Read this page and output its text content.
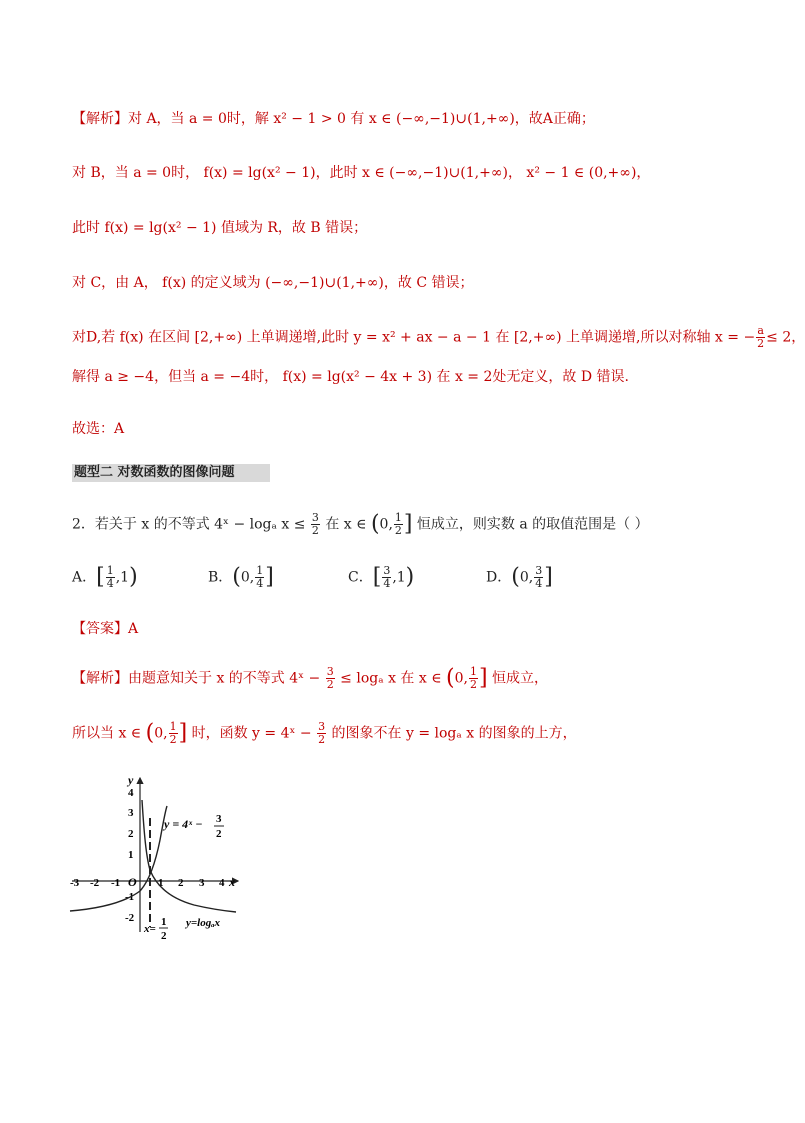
【解析】对 A，当 a = 0时，解 x² − 1 > 0 有 x ∈ (−∞,−1)∪(1,+∞)，故A正确；
对 B，当 a = 0时， f(x) = lg(x² − 1)，此时 x ∈ (−∞,−1)∪(1,+∞)， x² − 1 ∈ (0,+∞)，
此时 f(x) = lg(x² − 1) 值域为 R，故 B 错误；
对 C，由 A， f(x) 的定义域为 (−∞,−1)∪(1,+∞)，故 C 错误；
对D,若 f(x) 在区间 [2,+∞) 上单调递增,此时 y = x² + ax − a − 1 在 [2,+∞) 上单调递增,所以对称轴 x = − $\frac{a}{2} \le 2$，
解得 a ≥ −4，但当 a = −4时， f(x) = lg(x² − 4x + 3) 在 x = 2处无定义，故 D 错误.
故选：A
题型二 对数函数的图像问题
2．若关于 x 的不等式 4ˣ − logₐ $x \le \frac{3}{2}$ 在 x ∈ (0, $\frac{1}{2}$ ] 恒成立，则实数 a 的取值范围是（ ）
A．[ $\frac{1}{4} ,1$)	B．(0, $\frac{1}{4}$ ]	C．[ $\frac{3}{4} ,1$)	D．(0, $\frac{3}{4}$ ]
【答案】A
【解析】由题意知关于 x 的不等式 4ˣ − $\frac{3}{2} \le \log_a$ x 在 x ∈ (0, $\frac{1}{2}$ ] 恒成立，
所以当 x ∈ (0, $\frac{1}{2}$ ] 时，函数 y = 4ˣ − $\frac{3}{2}$ 的图象不在 y = logₐ x 的图象的上方，
y
x
O
-3 -2 -1	1 2 3 4
4
3
2
1
-1
-2
y = 4ˣ − 3
2
y=logₐx
x=
1
2
